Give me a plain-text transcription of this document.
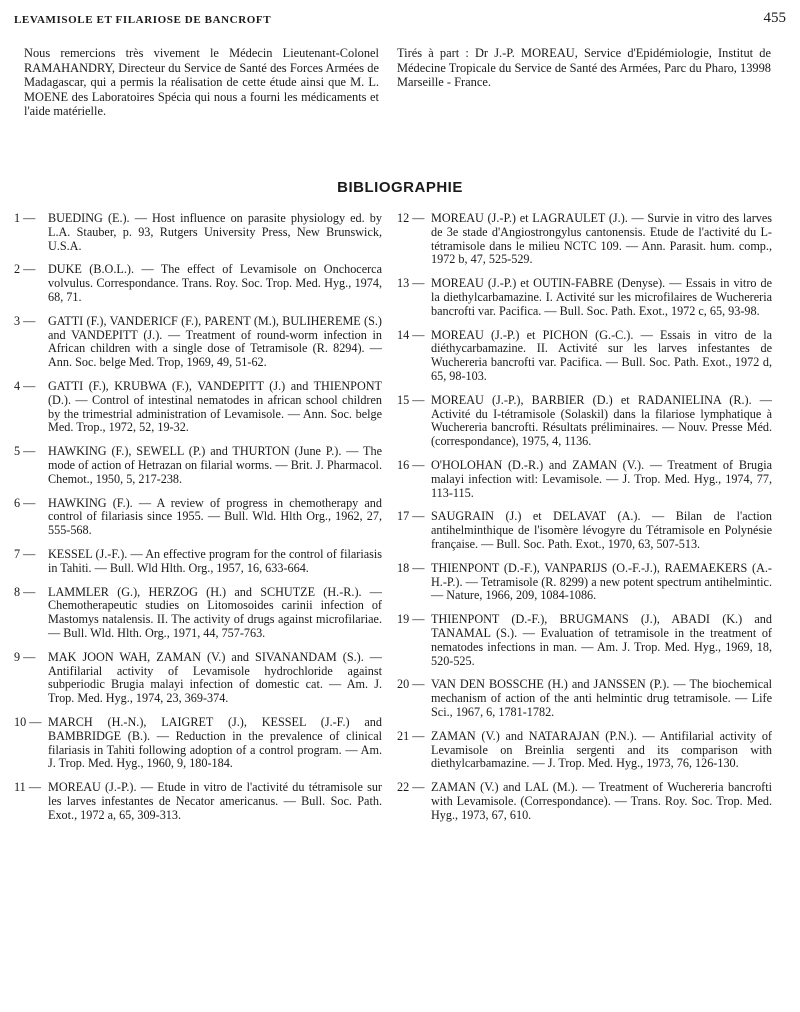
LEVAMISOLE ET FILARIOSE DE BANCROFT	455

Nous remercions très vivement le Médecin Lieutenant-Colonel RAMAHANDRY, Directeur du Service de Santé des Forces Armées de Madagascar, qui a permis la réalisation de cette étude ainsi que M. L. MOENE des Laboratoires Spécia qui nous a fourni les médicaments et l'aide matérielle.

Tirés à part : Dr J.-P. MOREAU, Service d'Epidémiologie, Institut de Médecine Tropicale du Service de Santé des Armées, Parc du Pharo, 13998 Marseille - France.

BIBLIOGRAPHIE
1 —	BUEDING (E.). — Host influence on parasite physiology ed. by L.A. Stauber, p. 93, Rutgers University Press, New Brunswick, U.S.A.
2 —	DUKE (B.O.L.). — The effect of Levamisole on Onchocerca volvulus. Correspondance. Trans. Roy. Soc. Trop. Med. Hyg., 1974, 68, 71.
3 —	GATTI (F.), VANDERICF (F.), PARENT (M.), BULIHEREME (S.) and VANDEPITT (J.). — Treatment of round-worm infection in African children with a single dose of Tetramisole (R. 8294). — Ann. Soc. belge Med. Trop, 1969, 49, 51-62.
4 —	GATTI (F.), KRUBWA (F.), VANDEPITT (J.) and THIENPONT (D.). — Control of intestinal nematodes in african school children by the trimestrial administration of Levamisole. — Ann. Soc. belge Med. Trop., 1972, 52, 19-32.
5 —	HAWKING (F.), SEWELL (P.) and THURTON (June P.). — The mode of action of Hetrazan on filarial worms. — Brit. J. Pharmacol. Chemot., 1950, 5, 217-238.
6 —	HAWKING (F.). — A review of progress in chemotherapy and control of filariasis since 1955. — Bull. Wld. Hlth Org., 1962, 27, 555-568.
7 —	KESSEL (J.-F.). — An effective program for the control of filariasis in Tahiti. — Bull. Wld Hlth. Org., 1957, 16, 633-664.
8 —	LAMMLER (G.), HERZOG (H.) and SCHUTZE (H.-R.). — Chemotherapeutic studies on Litomosoides carinii infection of Mastomys natalensis. II. The activity of drugs against microfilariae. — Bull. Wld. Hlth. Org., 1971, 44, 757-763.
9 —	MAK JOON WAH, ZAMAN (V.) and SIVANANDAM (S.). — Antifilarial activity of Levamisole hydrochloride against subperiodic Brugia malayi infection of domestic cat. — Am. J. Trop. Med. Hyg., 1974, 23, 369-374.
10 — MARCH (H.-N.), LAIGRET (J.), KESSEL (J.-F.) and BAMBRIDGE (B.). — Reduction in the prevalence of clinical filariasis in Tahiti following adoption of a control program. — Am. J. Trop. Med. Hyg., 1960, 9, 180-184.
11 — MOREAU (J.-P.). — Etude in vitro de l'activité du tétramisole sur les larves infestantes de Necator americanus. — Bull. Soc. Path. Exot., 1972 a, 65, 309-313.
12 — MOREAU (J.-P.) et LAGRAULET (J.). — Survie in vitro des larves de 3e stade d'Angiostrongylus cantonensis. Etude de l'activité du L-tétramisole dans le milieu NCTC 109. — Ann. Parasit. hum. comp., 1972 b, 47, 525-529.
13 — MOREAU (J.-P.) et OUTIN-FABRE (Denyse). — Essais in vitro de la diethylcarbamazine. I. Activité sur les microfilaires de Wuchereria bancrofti var. Pacifica. — Bull. Soc. Path. Exot., 1972 c, 65, 93-98.
14 — MOREAU (J.-P.) et PICHON (G.-C.). — Essais in vitro de la diéthycarbamazine. II. Activité sur les larves infestantes de Wuchereria bancrofti var. Pacifica. — Bull. Soc. Path. Exot., 1972 d, 65, 98-103.
15 — MOREAU (J.-P.), BARBIER (D.) et RADANIELINA (R.). — Activité du I-tétramisole (Solaskil) dans la filariose lymphatique à Wuchereria bancrofti. Résultats préliminaires. — Nouv. Presse Méd. (correspondance), 1975, 4, 1136.
16 — O'HOLOHAN (D.-R.) and ZAMAN (V.). — Treatment of Brugia malayi infection witl: Levamisole. — J. Trop. Med. Hyg., 1974, 77, 113-115.
17 — SAUGRAIN (J.) et DELAVAT (A.). — Bilan de l'action antihelminthique de l'isomère lévogyre du Tétramisole en Polynésie française. — Bull. Soc. Path. Exot., 1970, 63, 507-513.
18 — THIENPONT (D.-F.), VANPARIJS (O.-F.-J.), RAEMAEKERS (A.-H.-P.). — Tetramisole (R. 8299) a new potent spectrum antihelmintic. — Nature, 1966, 209, 1084-1086.
19 — THIENPONT (D.-F.), BRUGMANS (J.), ABADI (K.) and TANAMAL (S.). — Evaluation of tetramisole in the treatment of nematodes infections in man. — Am. J. Trop. Med. Hyg., 1969, 18, 520-525.
20 — VAN DEN BOSSCHE (H.) and JANSSEN (P.). — The biochemical mechanism of action of the anti helmintic drug tetramisole. — Life Sci., 1967, 6, 1781-1782.
21 — ZAMAN (V.) and NATARAJAN (P.N.). — Antifilarial activity of Levamisole on Breinlia sergenti and its comparison with diethylcarbamazine. — J. Trop. Med. Hyg., 1973, 76, 126-130.
22 — ZAMAN (V.) and LAL (M.). — Treatment of Wuchereria bancrofti with Levamisole. (Correspondance). — Trans. Roy. Soc. Trop. Med. Hyg., 1973, 67, 610.
